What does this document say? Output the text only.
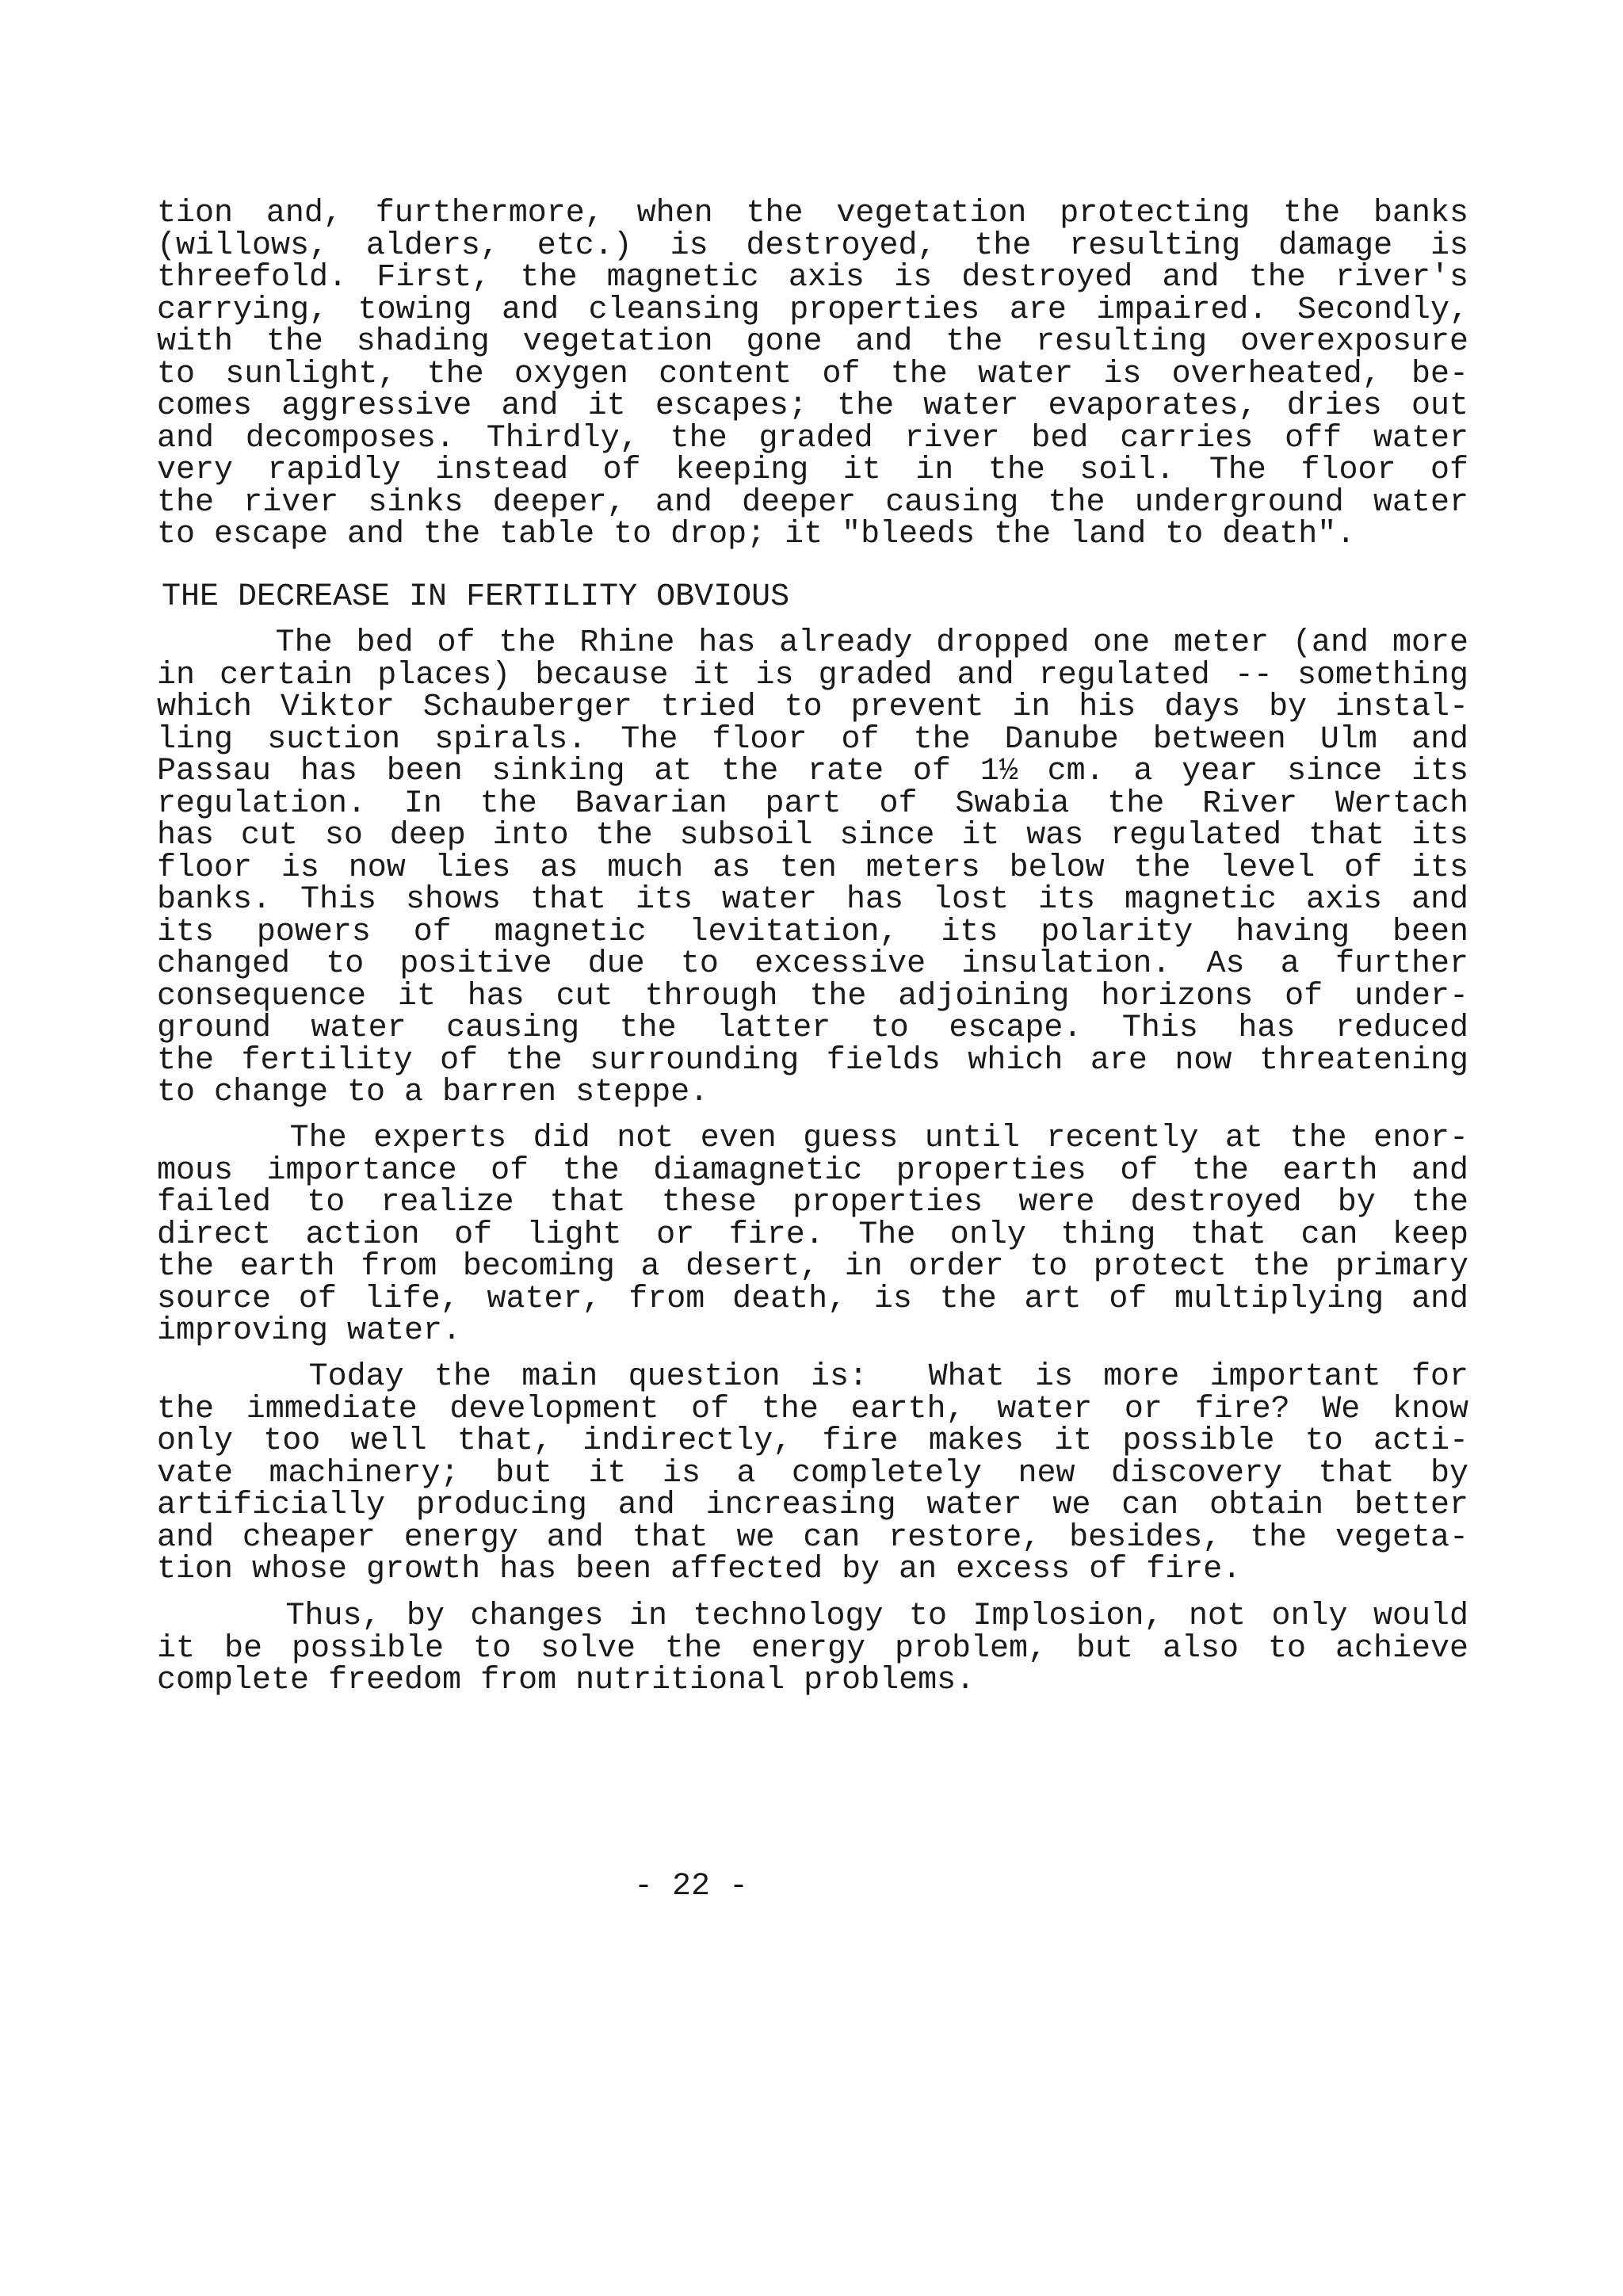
tion and, furthermore, when the vegetation protecting the banks
(willows, alders, etc.) is destroyed, the resulting damage is
threefold. First, the magnetic axis is destroyed and the river's
carrying, towing and cleansing properties are impaired. Secondly,
with the shading vegetation gone and the resulting overexposure
to sunlight, the oxygen content of the water is overheated, be-
comes aggressive and it escapes; the water evaporates, dries out
and decomposes. Thirdly, the graded river bed carries off water
very rapidly instead of keeping it in the soil. The floor of
the river sinks deeper, and deeper causing the underground water
to escape and the table to drop; it "bleeds the land to death".
THE DECREASE IN FERTILITY OBVIOUS
The bed of the Rhine has already dropped one meter (and more
in certain places) because it is graded and regulated -- something
which Viktor Schauberger tried to prevent in his days by instal-
ling suction spirals. The floor of the Danube between Ulm and
Passau has been sinking at the rate of 1½ cm. a year since its
regulation. In the Bavarian part of Swabia the River Wertach
has cut so deep into the subsoil since it was regulated that its
floor is now lies as much as ten meters below the level of its
banks. This shows that its water has lost its magnetic axis and
its powers of magnetic levitation, its polarity having been
changed to positive due to excessive insulation. As a further
consequence it has cut through the adjoining horizons of under-
ground water causing the latter to escape. This has reduced
the fertility of the surrounding fields which are now threatening
to change to a barren steppe.
The experts did not even guess until recently at the enor-
mous importance of the diamagnetic properties of the earth and
failed to realize that these properties were destroyed by the
direct action of light or fire. The only thing that can keep
the earth from becoming a desert, in order to protect the primary
source of life, water, from death, is the art of multiplying and
improving water.
Today the main question is:  What is more important for
the immediate development of the earth, water or fire? We know
only too well that, indirectly, fire makes it possible to acti-
vate machinery; but it is a completely new discovery that by
artificially producing and increasing water we can obtain better
and cheaper energy and that we can restore, besides, the vegeta-
tion whose growth has been affected by an excess of fire.
Thus, by changes in technology to Implosion, not only would
it be possible to solve the energy problem, but also to achieve
complete freedom from nutritional problems.
- 22 -
